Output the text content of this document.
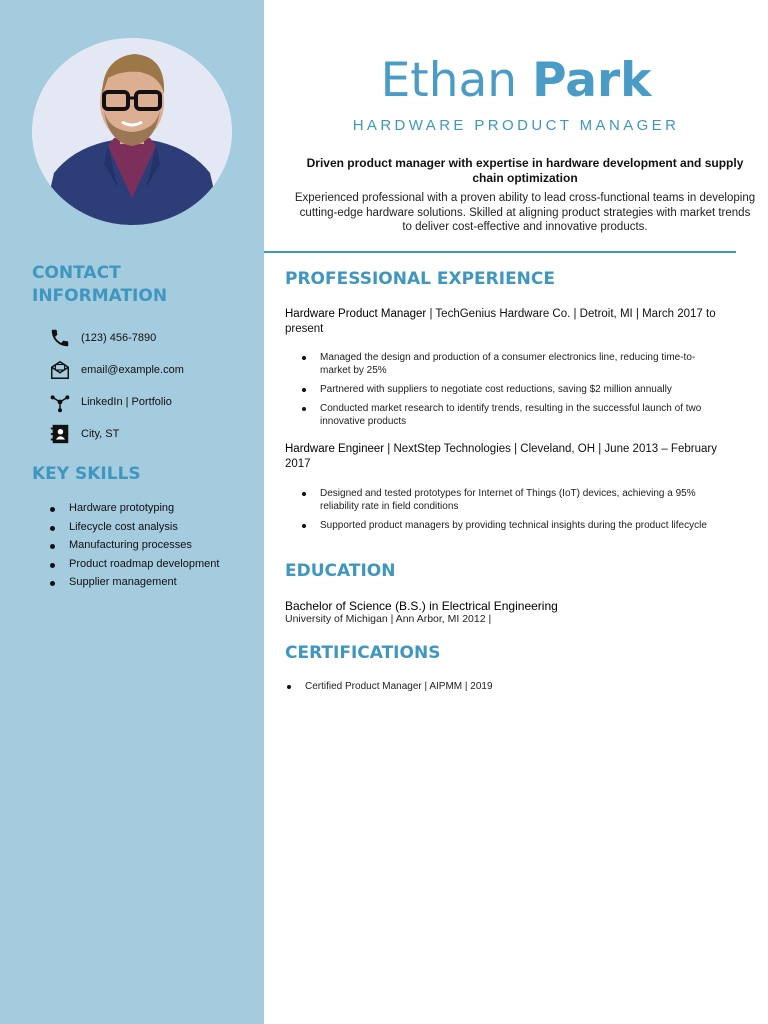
CONTACT INFORMATION
(123) 456-7890
email@example.com
LinkedIn | Portfolio
City, ST
KEY SKILLS
Hardware prototyping
Lifecycle cost analysis
Manufacturing processes
Product roadmap development
Supplier management
Ethan Park
HARDWARE PRODUCT MANAGER
Driven product manager with expertise in hardware development and supply chain optimization
Experienced professional with a proven ability to lead cross-functional teams in developing cutting-edge hardware solutions. Skilled at aligning product strategies with market trends to deliver cost-effective and innovative products.
PROFESSIONAL EXPERIENCE
Hardware Product Manager | TechGenius Hardware Co. | Detroit, MI | March 2017 to present
Managed the design and production of a consumer electronics line, reducing time-to-market by 25%
Partnered with suppliers to negotiate cost reductions, saving $2 million annually
Conducted market research to identify trends, resulting in the successful launch of two innovative products
Hardware Engineer | NextStep Technologies | Cleveland, OH | June 2013 – February 2017
Designed and tested prototypes for Internet of Things (IoT) devices, achieving a 95% reliability rate in field conditions
Supported product managers by providing technical insights during the product lifecycle
EDUCATION
Bachelor of Science (B.S.) in Electrical Engineering
University of Michigan | Ann Arbor, MI 2012 |
CERTIFICATIONS
Certified Product Manager | AIPMM | 2019
